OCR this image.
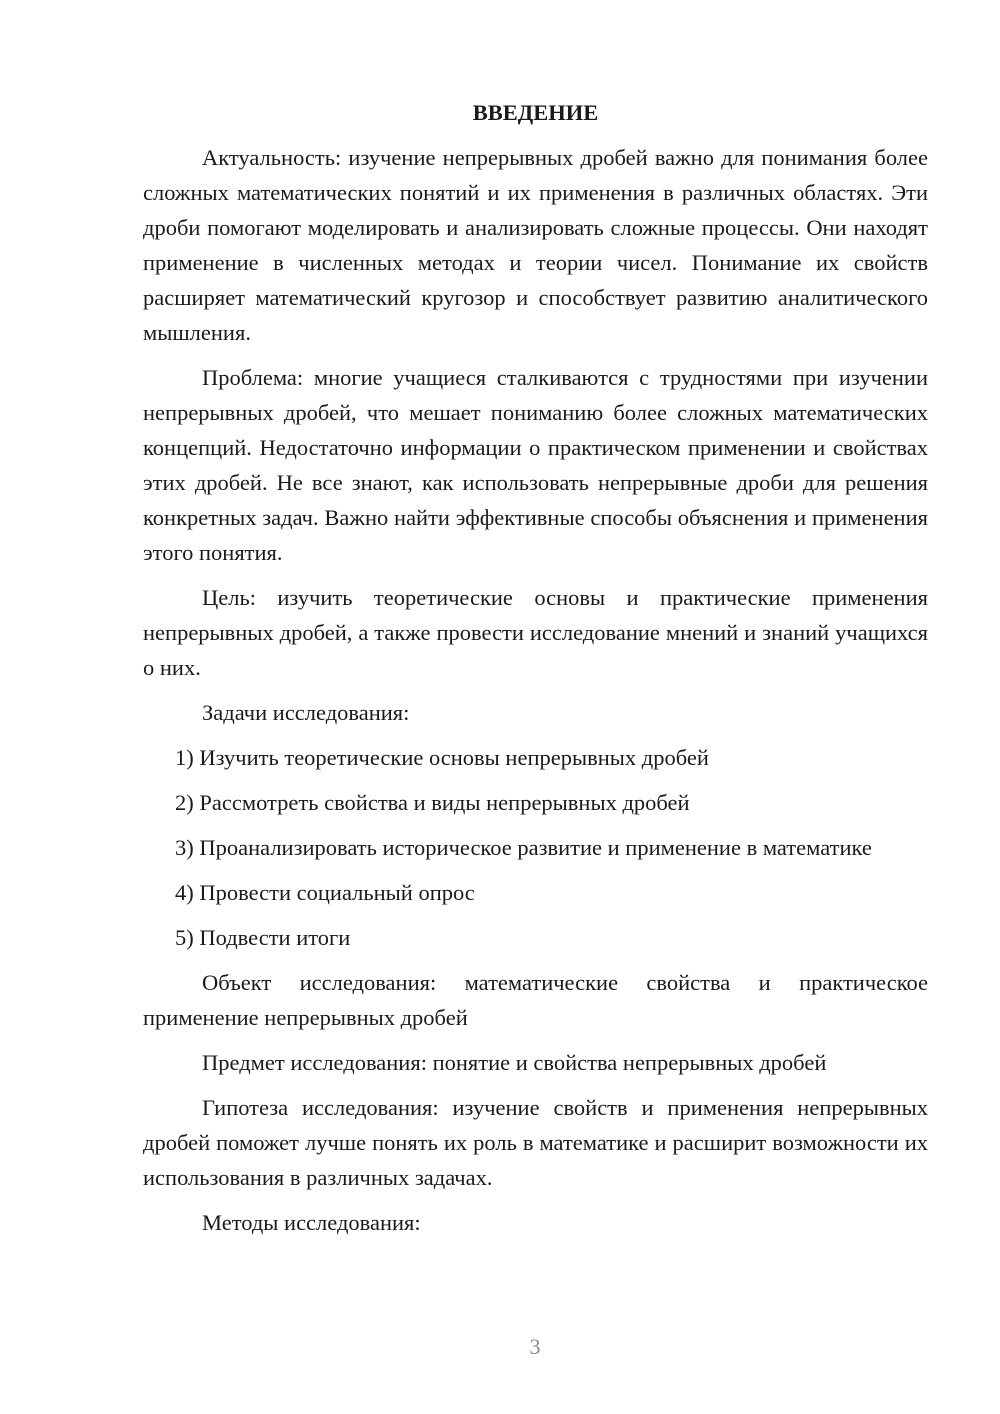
ВВЕДЕНИЕ

Актуальность: изучение непрерывных дробей важно для понимания более сложных математических понятий и их применения в различных областях. Эти дроби помогают моделировать и анализировать сложные процессы. Они находят применение в численных методах и теории чисел. Понимание их свойств расширяет математический кругозор и способствует развитию аналитического мышления.

Проблема: многие учащиеся сталкиваются с трудностями при изучении непрерывных дробей, что мешает пониманию более сложных математических концепций. Недостаточно информации о практическом применении и свойствах этих дробей. Не все знают, как использовать непрерывные дроби для решения конкретных задач. Важно найти эффективные способы объяснения и применения этого понятия.

Цель: изучить теоретические основы и практические применения непрерывных дробей, а также провести исследование мнений и знаний учащихся о них.

Задачи исследования:

1) Изучить теоретические основы непрерывных дробей

2) Рассмотреть свойства и виды непрерывных дробей

3) Проанализировать историческое развитие и применение в математике

4) Провести социальный опрос

5) Подвести итоги

Объект исследования: математические свойства и практическое применение непрерывных дробей

Предмет исследования: понятие и свойства непрерывных дробей

Гипотеза исследования: изучение свойств и применения непрерывных дробей поможет лучше понять их роль в математике и расширит возможности их использования в различных задачах.

Методы исследования:

3
